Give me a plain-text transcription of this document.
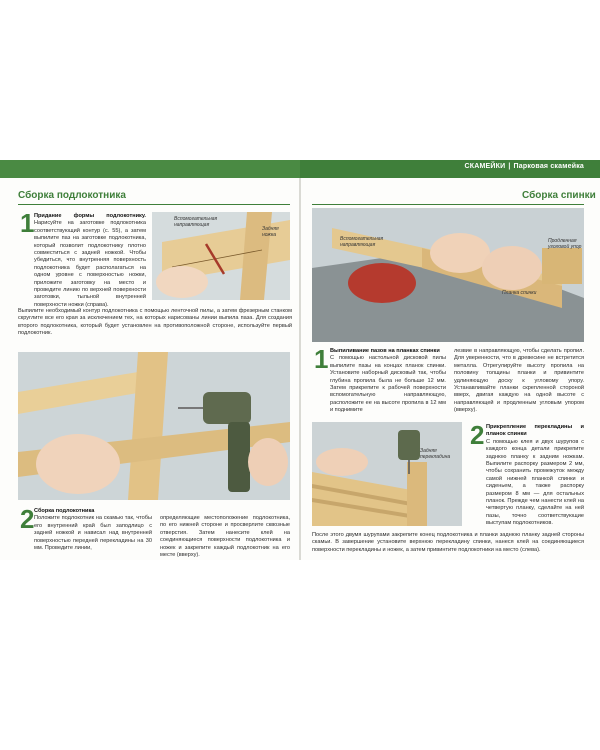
СКАМЕЙКИ | Парковая скамейка
Сборка подлокотника
1 Придание формы подлокотнику. Нарисуйте на заготовке подлокотника соответствующий контур (с. 55), а затем выпилите паз на заготовке подлокотника, который позволит подлокотнику плотно совместиться с задней ножкой. Чтобы убедиться, что внутренняя поверхность подлокотника будет располагаться на одном уровне с поверхностью ножки, приложите заготовку на место и проведите линию по верхней поверхности заготовки, тыльной внутренней поверхности ножки (справа).
Выпилите необходимый контур подлокотника с помощью ленточной пилы, а затем фрезерным станком скруглите все его края за исключением тех, на которых нарисованы линии выпила паза. Для создания второго подлокотника, который будет установлен на противоположной стороне, используйте первый подлокотник.
Вспомогательная направляющая
Задняя ножка
2 Сборка подлокотника
Положите подлокотник на скамью так, чтобы его внутренний край был заподлицо с задней ножкой и нависал над внутренней поверхностью передней перекладины на 30 мм. Проведите линии,
определяющие местоположение подлокотника, по его нижней стороне и просверлите сквозные отверстия. Затем нанесите клей на соединяющиеся поверхности подлокотника и ножек и закрепите каждый подлокотник на его месте (вверху).
Сборка спинки
Вспомогательная направляющая
Продленная уголовой упор
Планка спинки
1 Выпиливание пазов на планках спинки
С помощью настольной дисковой пилы выпилите пазы на концах планок спинки. Установите наборный дисковый так, чтобы глубина пропила была не больше 12 мм. Затем прикрепите к рабочей поверхности вспомогательную направляющую, расположите ее на высоте пропила в 12 мм и поднимите
лезвие в направляющую, чтобы сделать пропил. Для уверенности, что в древесине не встретится металла. Отрегулируйте высоту пропила на половину толщины планки и привинтите удлиняющую доску к угловому упору. Устанавливайте планки скрепленной стороной вверх, двигая каждую на одной высоте с направляющей и продленным угловым упором (вверху).
Задняя перекладина
2 Прикрепление перекладины и планок спинки
С помощью клея и двух шурупов с каждого конца детали прикрепите заднюю планку к задним ножкам. Выпилите распорку размером 2 мм, чтобы сохранить промежуток между самой нижней планкой спинки и сиденьем, а также распорку размером 8 мм — для остальных планок. Прежде чем нанести клей на четвертую планку, сделайте на ней пазы, точно соответствующие выступам подлокотников.
После этого двумя шурупами закрепите конец подлокотника и планки заднюю планку задней стороны скамьи. В завершение установите верхнюю перекладину спинки, нанеся клей на соединяющиеся поверхности перекладины и ножек, а затем привинтите подлокотники на место (слева).
